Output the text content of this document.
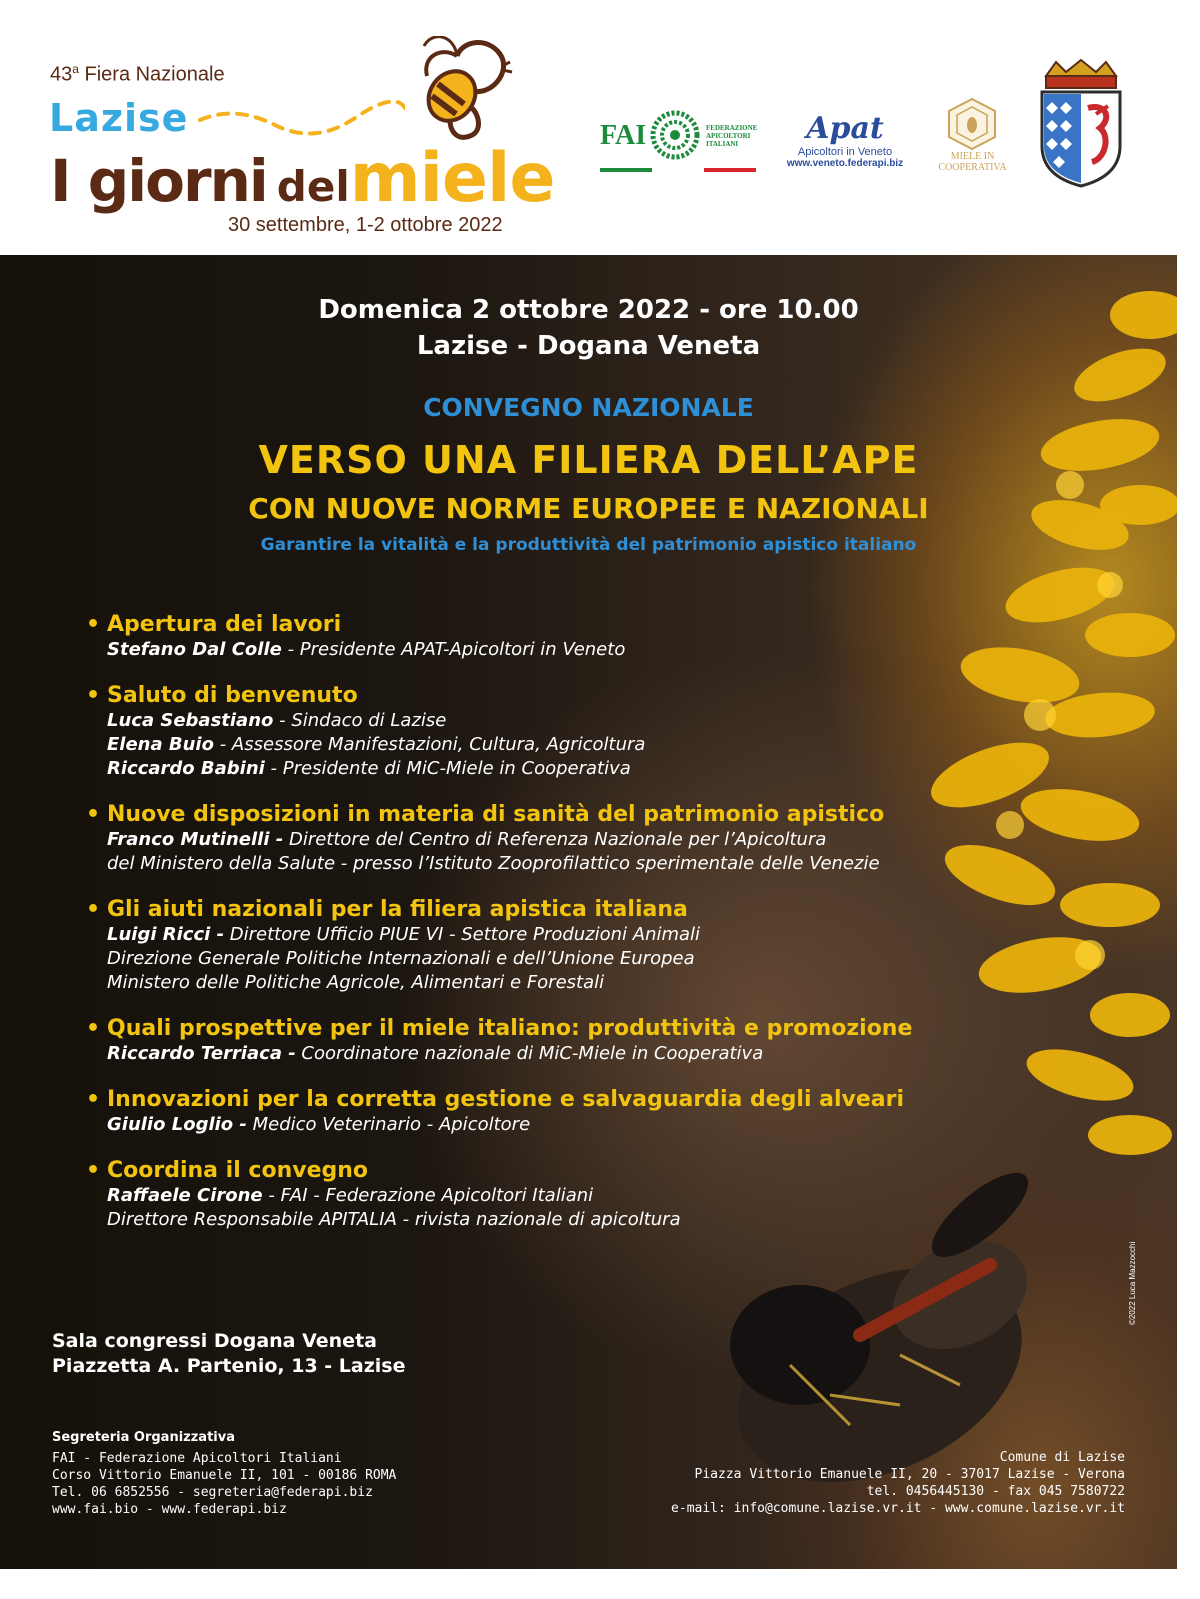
43$^a$ Fiera Nazionale
Lazise
I giorni delmiele
30 settembre, 1-2 ottobre 2022
FAI	FEDERAZIONE
APICOLTORI
ITALIANI	Apat
Apicoltori in Veneto
www.veneto.federapi.biz
MIELE IN
COOPERATIVA
Domenica 2 ottobre 2022 - ore 10.00
Lazise - Dogana Veneta
CONVEGNO NAZIONALE
VERSO UNA FILIERA DELL’APE
CON NUOVE NORME EUROPEE E NAZIONALI
Garantire la vitalità e la produttività del patrimonio apistico italiano
• Apertura dei lavori
Stefano Dal Colle - Presidente APAT-Apicoltori in Veneto
• Saluto di benvenuto
Luca Sebastiano - Sindaco di Lazise
Elena Buio - Assessore Manifestazioni, Cultura, Agricoltura
Riccardo Babini - Presidente di MiC-Miele in Cooperativa
• Nuove disposizioni in materia di sanità del patrimonio apistico
Franco Mutinelli - Direttore del Centro di Referenza Nazionale per l’Apicoltura
del Ministero della Salute - presso l’Istituto Zooprofilattico sperimentale delle Venezie
• Gli aiuti nazionali per la filiera apistica italiana
Luigi Ricci - Direttore Ufficio PIUE VI - Settore Produzioni Animali
Direzione Generale Politiche Internazionali e dell’Unione Europea
Ministero delle Politiche Agricole, Alimentari e Forestali
• Quali prospettive per il miele italiano: produttività e promozione
Riccardo Terriaca - Coordinatore nazionale di MiC-Miele in Cooperativa
• Innovazioni per la corretta gestione e salvaguardia degli alveari
Giulio Loglio - Medico Veterinario - Apicoltore
• Coordina il convegno
Raffaele Cirone - FAI - Federazione Apicoltori Italiani
Direttore Responsabile APITALIA - rivista nazionale di apicoltura
Sala congressi Dogana Veneta
Piazzetta A. Partenio, 13 - Lazise
Segreteria Organizzativa
FAI - Federazione Apicoltori Italiani
Corso Vittorio Emanuele II, 101 - 00186 ROMA
Tel. 06 6852556 - segreteria@federapi.biz
www.fai.bio - www.federapi.biz
Comune di Lazise
Piazza Vittorio Emanuele II, 20 - 37017 Lazise - Verona
tel. 0456445130 - fax 045 7580722
e-mail: info@comune.lazise.vr.it - www.comune.lazise.vr.it
©2022 Luca Mazzocchi
